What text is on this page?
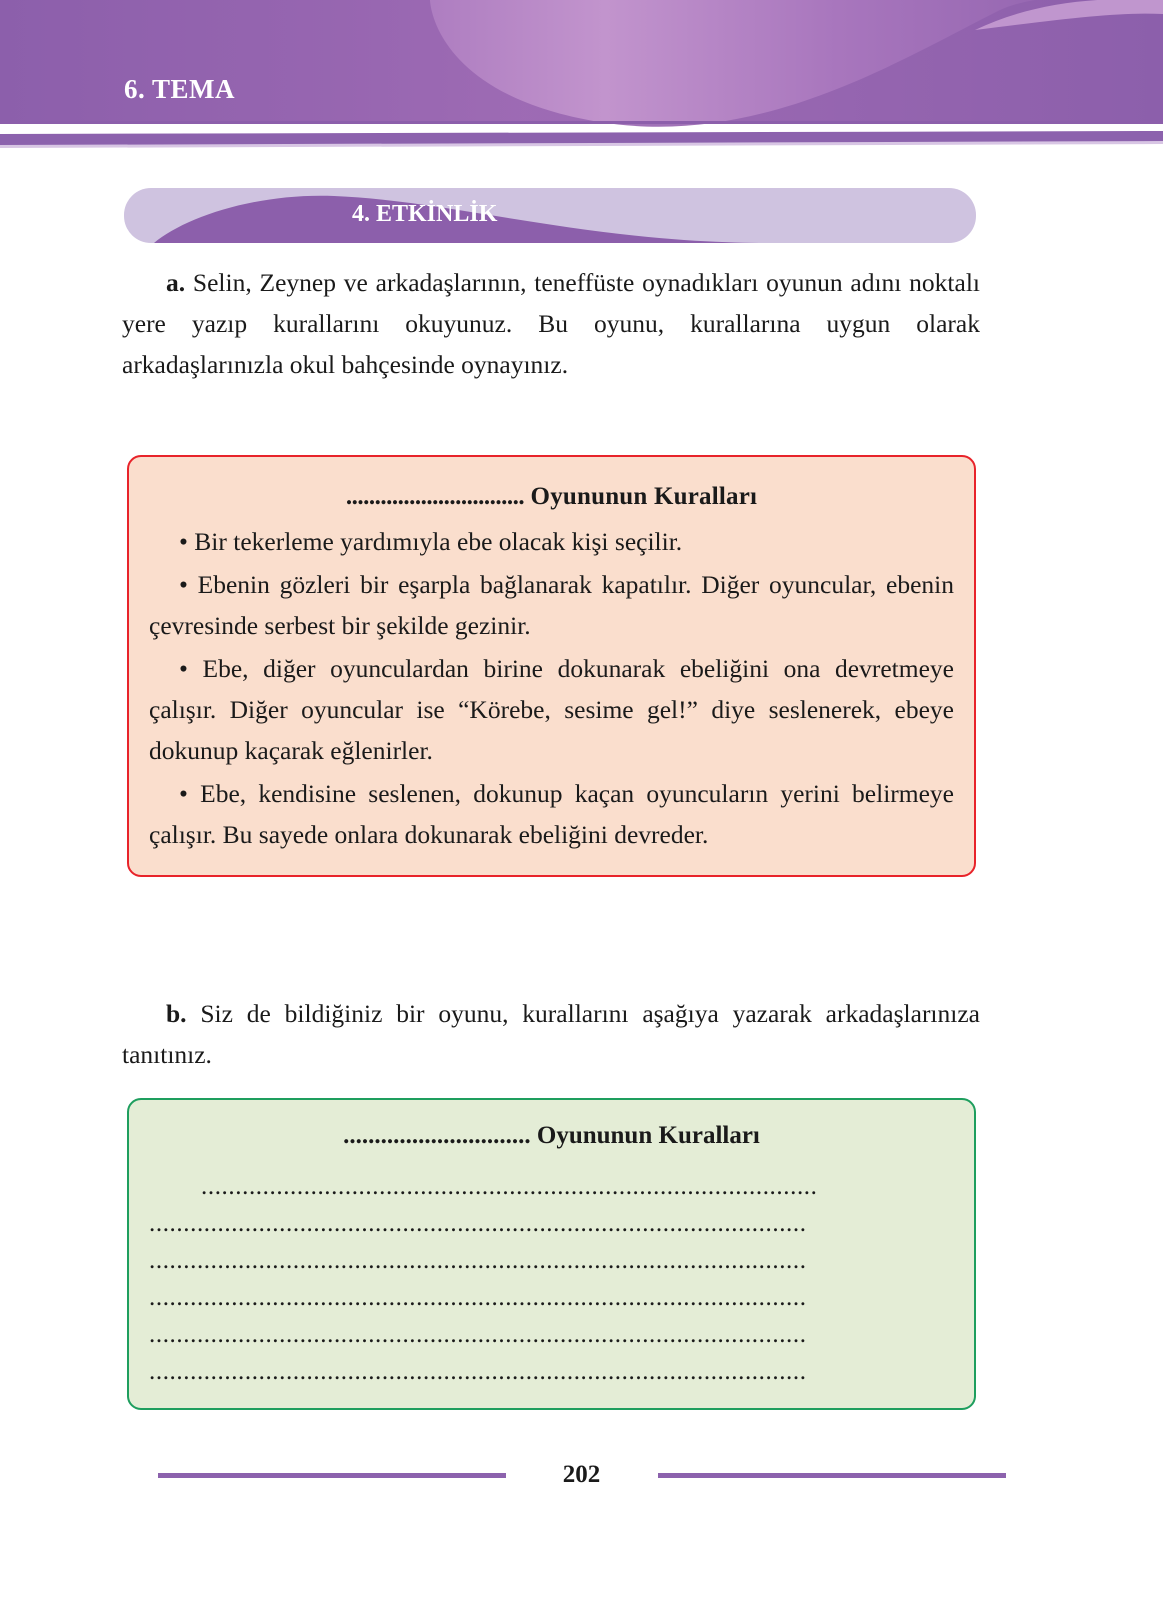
6. TEMA
4. ETKİNLİK

a. Selin, Zeynep ve arkadaşlarının, teneffüste oynadıkları oyunun adını noktalı yere yazıp kurallarını okuyunuz. Bu oyunu, kurallarına uygun olarak arkadaşlarınızla okul bahçesinde oynayınız.

............................... Oyununun Kuralları

• Bir tekerleme yardımıyla ebe olacak kişi seçilir.

• Ebenin gözleri bir eşarpla bağlanarak kapatılır. Diğer oyuncular, ebenin çevresinde serbest bir şekilde gezinir.

• Ebe, diğer oyunculardan birine dokunarak ebeliğini ona devretmeye çalışır. Diğer oyuncular ise “Körebe, sesime gel!” diye seslenerek, ebeye dokunup kaçarak eğlenirler.

• Ebe, kendisine seslenen, dokunup kaçan oyuncuların yerini belirmeye çalışır. Bu sayede onlara dokunarak ebeliğini devreder.

b. Siz de bildiğiniz bir oyunu, kurallarını aşağıya yazarak arkadaşlarınıza tanıtınız.

.............................. Oyununun Kuralları

..........................................................................................
................................................................................................
................................................................................................
................................................................................................
................................................................................................
................................................................................................
202
